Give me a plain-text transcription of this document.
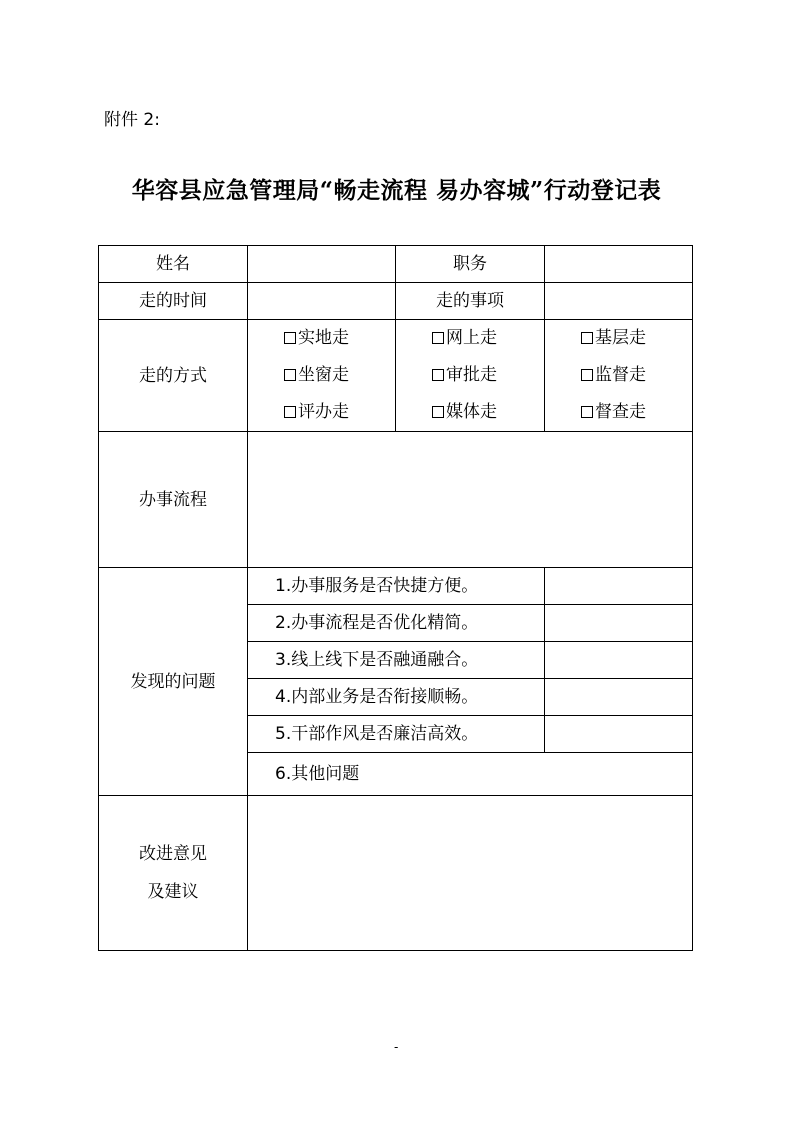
附件 2:
华容县应急管理局“畅走流程 易办容城”行动登记表
姓名		职务	
走的时间		走的事项	
走的方式	实地走	网上走	基层走
	坐窗走	审批走	监督走
	评办走	媒体走	督查走
办事流程			
发现的问题	1.办事服务是否快捷方便。		
	2.办事流程是否优化精简。		
	3.线上线下是否融通融合。		
	4.内部业务是否衔接顺畅。		
	5.干部作风是否廉洁高效。		
	6.其他问题		

改进意见
及建议			

-
